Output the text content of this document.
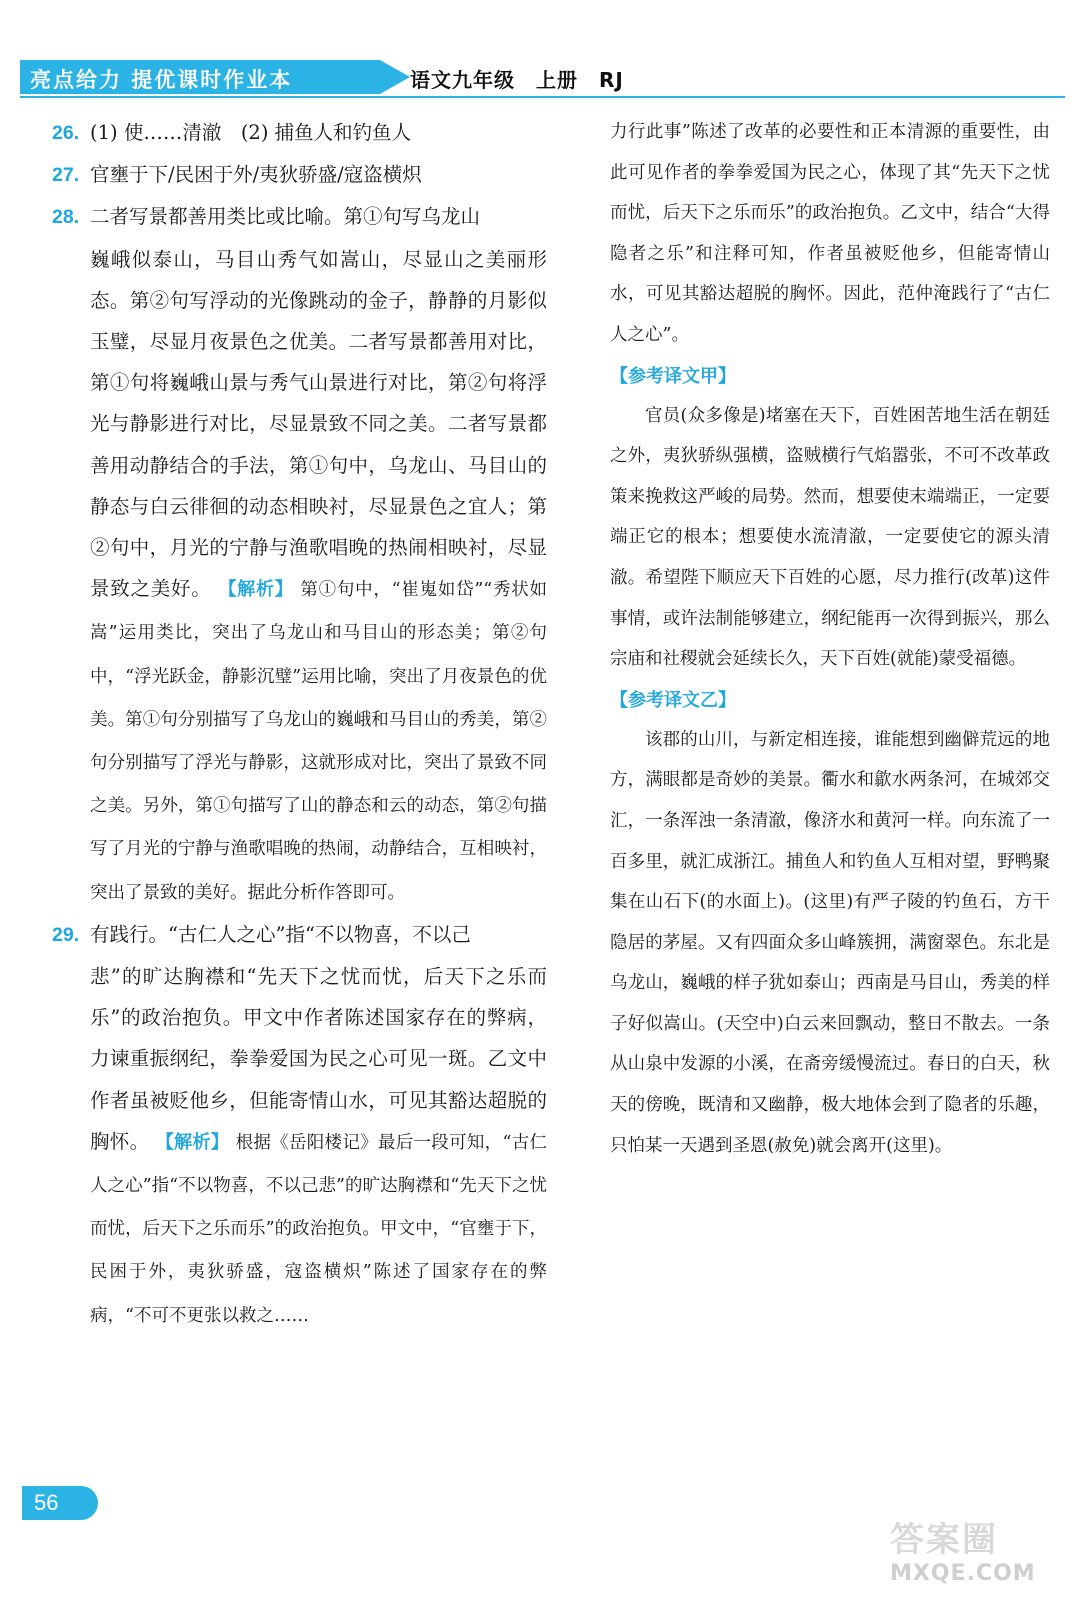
亮点给力 提优课时作业本	语文九年级　上册　RJ

26. (1) 使……清澈　(2) 捕鱼人和钓鱼人

27. 官壅于下/民困于外/夷狄骄盛/寇盗横炽

28. 二者写景都善用类比或比喻。第①句写乌龙山

巍峨似泰山，马目山秀气如嵩山，尽显山之美丽形态。第②句写浮动的光像跳动的金子，静静的月影似玉璧，尽显月夜景色之优美。二者写景都善用对比，第①句将巍峨山景与秀气山景进行对比，第②句将浮光与静影进行对比，尽显景致不同之美。二者写景都善用动静结合的手法，第①句中，乌龙山、马目山的静态与白云徘徊的动态相映衬，尽显景色之宜人；第②句中，月光的宁静与渔歌唱晚的热闹相映衬，尽显景致之美好。 【解析】 第①句中，“崔嵬如岱”“秀状如嵩”运用类比，突出了乌龙山和马目山的形态美；第②句中，“浮光跃金，静影沉璧”运用比喻，突出了月夜景色的优美。第①句分别描写了乌龙山的巍峨和马目山的秀美，第②句分别描写了浮光与静影，这就形成对比，突出了景致不同之美。另外，第①句描写了山的静态和云的动态，第②句描写了月光的宁静与渔歌唱晚的热闹，动静结合，互相映衬，突出了景致的美好。据此分析作答即可。

29. 有践行。“古仁人之心”指“不以物喜，不以己

悲”的旷达胸襟和“先天下之忧而忧，后天下之乐而乐”的政治抱负。甲文中作者陈述国家存在的弊病，力谏重振纲纪，拳拳爱国为民之心可见一斑。乙文中作者虽被贬他乡，但能寄情山水，可见其豁达超脱的胸怀。 【解析】 根据《岳阳楼记》最后一段可知，“古仁人之心”指“不以物喜，不以己悲”的旷达胸襟和“先天下之忧而忧，后天下之乐而乐”的政治抱负。甲文中，“官壅于下，民困于外，夷狄骄盛，寇盗横炽”陈述了国家存在的弊病，“不可不更张以救之……

力行此事”陈述了改革的必要性和正本清源的重要性，由此可见作者的拳拳爱国为民之心，体现了其“先天下之忧而忧，后天下之乐而乐”的政治抱负。乙文中，结合“大得隐者之乐”和注释可知，作者虽被贬他乡，但能寄情山水，可见其豁达超脱的胸怀。因此，范仲淹践行了“古仁人之心”。

【参考译文甲】

官员(众多像是)堵塞在天下，百姓困苦地生活在朝廷之外，夷狄骄纵强横，盗贼横行气焰嚣张，不可不改革政策来挽救这严峻的局势。然而，想要使末端端正，一定要端正它的根本；想要使水流清澈，一定要使它的源头清澈。希望陛下顺应天下百姓的心愿，尽力推行(改革)这件事情，或许法制能够建立，纲纪能再一次得到振兴，那么宗庙和社稷就会延续长久，天下百姓(就能)蒙受福德。

【参考译文乙】

该郡的山川，与新定相连接，谁能想到幽僻荒远的地方，满眼都是奇妙的美景。衢水和歙水两条河，在城郊交汇，一条浑浊一条清澈，像济水和黄河一样。向东流了一百多里，就汇成浙江。捕鱼人和钓鱼人互相对望，野鸭聚集在山石下(的水面上)。(这里)有严子陵的钓鱼石，方干隐居的茅屋。又有四面众多山峰簇拥，满窗翠色。东北是乌龙山，巍峨的样子犹如泰山；西南是马目山，秀美的样子好似嵩山。(天空中)白云来回飘动，整日不散去。一条从山泉中发源的小溪，在斋旁缓慢流过。春日的白天，秋天的傍晚，既清和又幽静，极大地体会到了隐者的乐趣，只怕某一天遇到圣恩(赦免)就会离开(这里)。

56
答案圈
MXQE.COM
